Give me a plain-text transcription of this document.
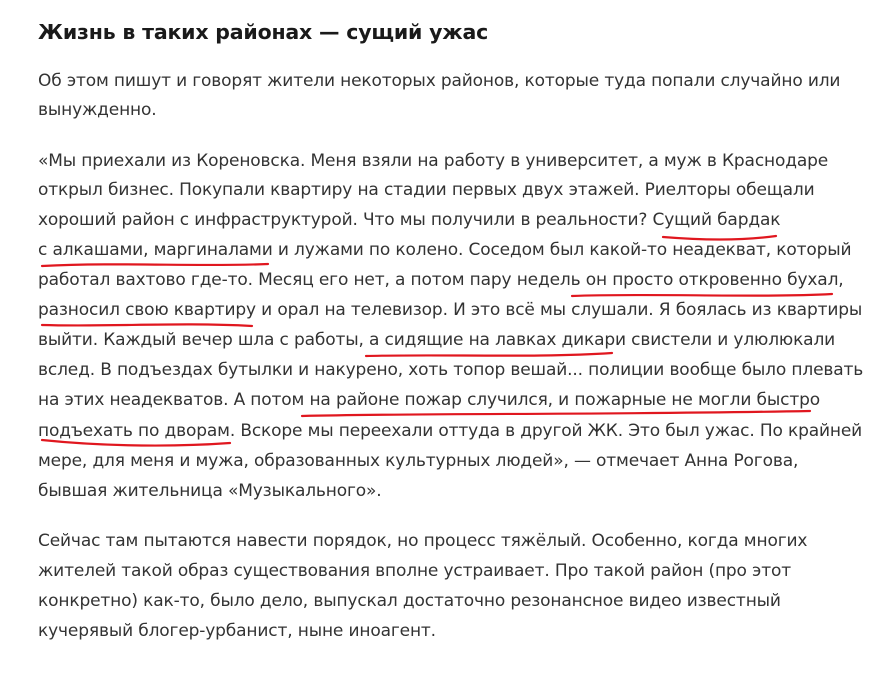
Жизнь в таких районах — сущий ужас
Об этом пишут и говорят жители некоторых районов, которые туда попали случайно или
вынужденно.
«Мы приехали из Кореновска. Меня взяли на работу в университет, а муж в Краснодаре
открыл бизнес. Покупали квартиру на стадии первых двух этажей. Риелторы обещали
хороший район с инфраструктурой. Что мы получили в реальности? Сущий бардак
с алкашами, маргиналами и лужами по колено. Соседом был какой-то неадекват, который
работал вахтово где-то. Месяц его нет, а потом пару недель он просто откровенно бухал,
разносил свою квартиру и орал на телевизор. И это всё мы слушали. Я боялась из квартиры
выйти. Каждый вечер шла с работы, а сидящие на лавках дикари свистели и улюлюкали
вслед. В подъездах бутылки и накурено, хоть топор вешай... полиции вообще было плевать
на этих неадекватов. А потом на районе пожар случился, и пожарные не могли быстро
подъехать по дворам. Вскоре мы переехали оттуда в другой ЖК. Это был ужас. По крайней
мере, для меня и мужа, образованных культурных людей», — отмечает Анна Рогова,
бывшая жительница «Музыкального».
Сейчас там пытаются навести порядок, но процесс тяжёлый. Особенно, когда многих
жителей такой образ существования вполне устраивает. Про такой район (про этот
конкретно) как-то, было дело, выпускал достаточно резонансное видео известный
кучерявый блогер-урбанист, ныне иноагент.
